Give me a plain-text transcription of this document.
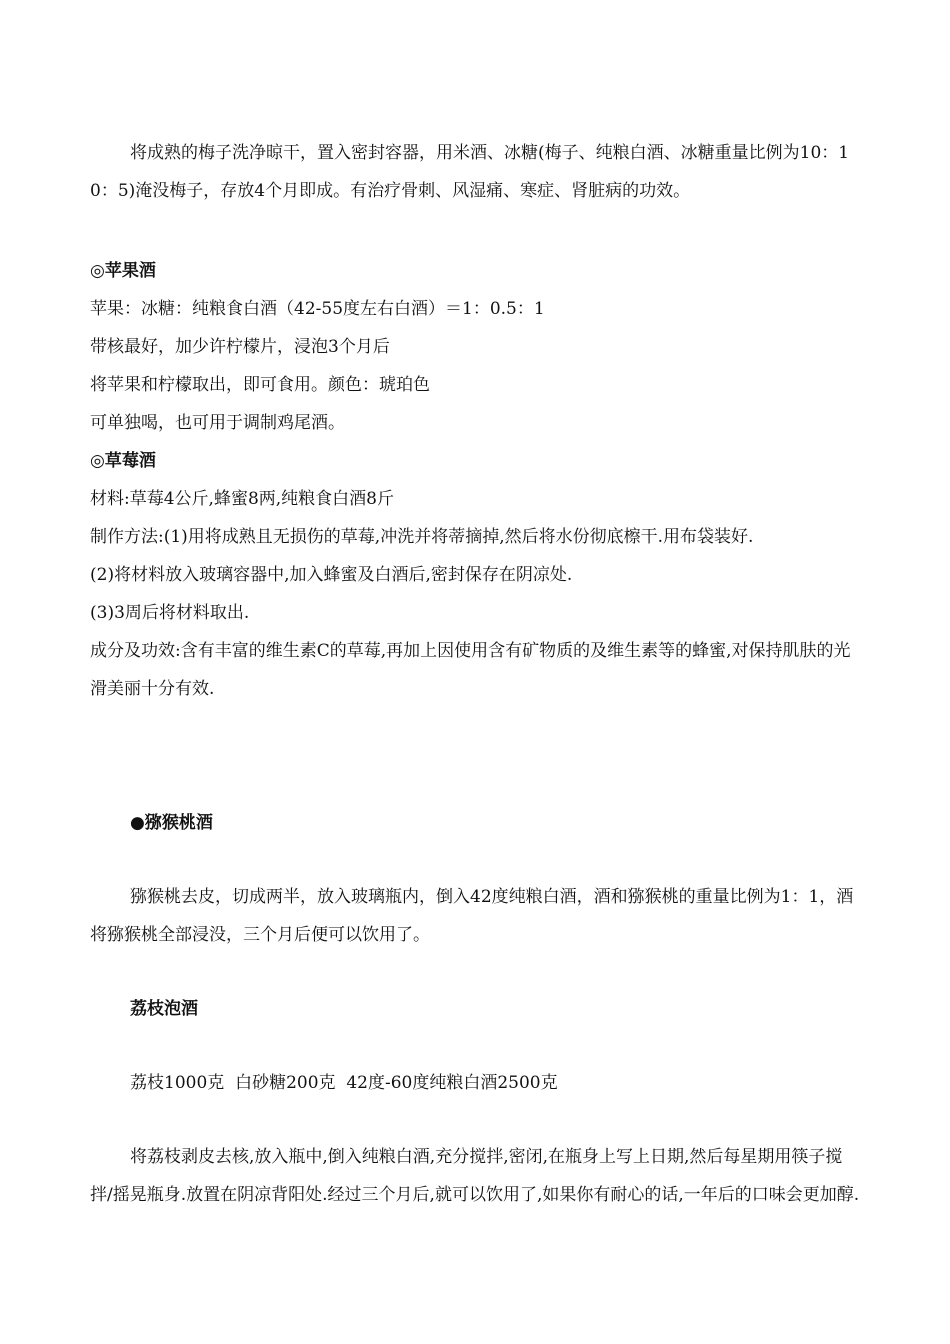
将成熟的梅子洗净晾干，置入密封容器，用米酒、冰糖(梅子、纯粮白酒、冰糖重量比例为10：10：5)淹没梅子，存放4个月即成。有治疗骨刺、风湿痛、寒症、肾脏病的功效。

◎苹果酒

苹果：冰糖：纯粮食白酒（42-55度左右白酒）＝1：0.5：1

带核最好，加少许柠檬片，浸泡3个月后

将苹果和柠檬取出，即可食用。颜色：琥珀色

可单独喝，也可用于调制鸡尾酒。

◎草莓酒

材料:草莓4公斤,蜂蜜8两,纯粮食白酒8斤

制作方法:(1)用将成熟且无损伤的草莓,冲洗并将蒂摘掉,然后将水份彻底檫干.用布袋装好.

(2)将材料放入玻璃容器中,加入蜂蜜及白酒后,密封保存在阴凉处.

(3)3周后将材料取出.

成分及功效:含有丰富的维生素C的草莓,再加上因使用含有矿物质的及维生素等的蜂蜜,对保持肌肤的光滑美丽十分有效.

●猕猴桃酒

猕猴桃去皮，切成两半，放入玻璃瓶内，倒入42度纯粮白酒，酒和猕猴桃的重量比例为1：1，酒将猕猴桃全部浸没，三个月后便可以饮用了。

荔枝泡酒

荔枝1000克  白砂糖200克  42度-60度纯粮白酒2500克

将荔枝剥皮去核,放入瓶中,倒入纯粮白酒,充分搅拌,密闭,在瓶身上写上日期,然后每星期用筷子搅拌/摇晃瓶身.放置在阴凉背阳处.经过三个月后,就可以饮用了,如果你有耐心的话,一年后的口味会更加醇.
